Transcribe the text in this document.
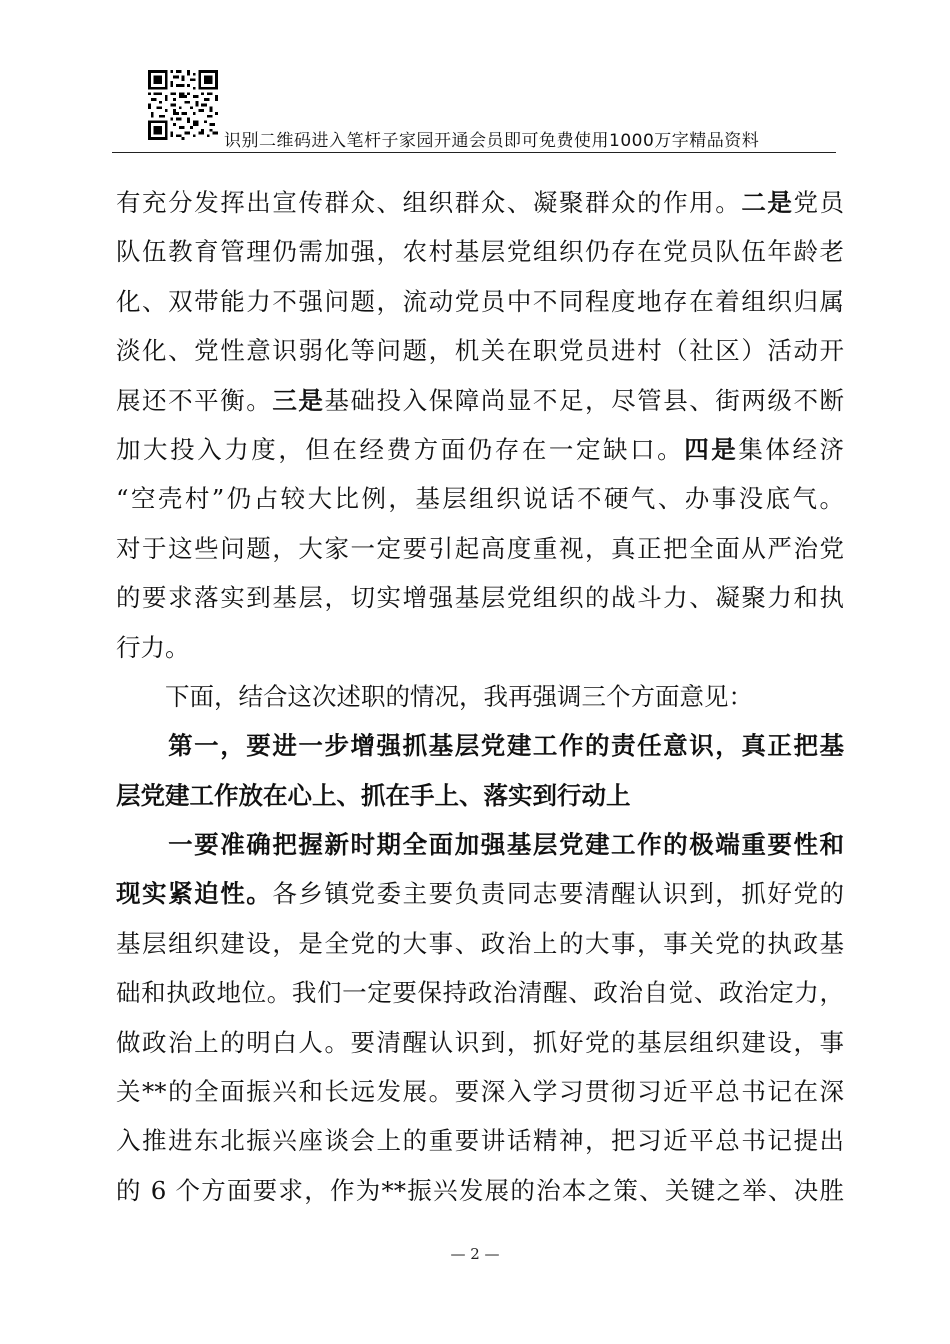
识别二维码进入笔杆子家园开通会员即可免费使用1000万字精品资料
有充分发挥出宣传群众、组织群众、凝聚群众的作用。二是党员
队伍教育管理仍需加强，农村基层党组织仍存在党员队伍年龄老
化、双带能力不强问题，流动党员中不同程度地存在着组织归属
淡化、党性意识弱化等问题，机关在职党员进村（社区）活动开
展还不平衡。三是基础投入保障尚显不足，尽管县、街两级不断
加大投入力度，但在经费方面仍存在一定缺口。四是集体经济
“空壳村”仍占较大比例，基层组织说话不硬气、办事没底气。
对于这些问题，大家一定要引起高度重视，真正把全面从严治党
的要求落实到基层，切实增强基层党组织的战斗力、凝聚力和执
行力。
　　下面，结合这次述职的情况，我再强调三个方面意见：
　　第一，要进一步增强抓基层党建工作的责任意识，真正把基
层党建工作放在心上、抓在手上、落实到行动上
　　一要准确把握新时期全面加强基层党建工作的极端重要性和
现实紧迫性。各乡镇党委主要负责同志要清醒认识到，抓好党的
基层组织建设，是全党的大事、政治上的大事，事关党的执政基
础和执政地位。我们一定要保持政治清醒、政治自觉、政治定力，
做政治上的明白人。要清醒认识到，抓好党的基层组织建设，事
关**的全面振兴和长远发展。要深入学习贯彻习近平总书记在深
入推进东北振兴座谈会上的重要讲话精神，把习近平总书记提出
的 6 个方面要求，作为**振兴发展的治本之策、关键之举、决胜
— 2 —
